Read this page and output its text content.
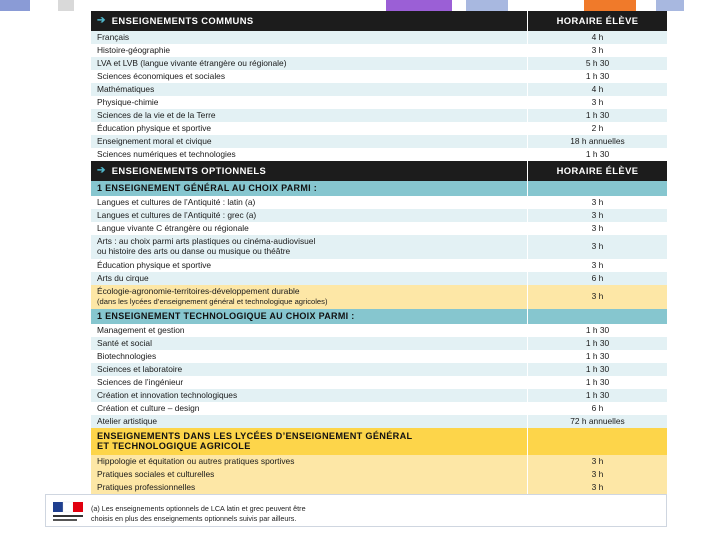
➔ ENSEIGNEMENTS COMMUNS	HORAIRE ÉLÈVE
Français	4 h
Histoire-géographie	3 h
LVA et LVB (langue vivante étrangère ou régionale)	5 h 30
Sciences économiques et sociales	1 h 30
Mathématiques	4 h
Physique-chimie	3 h
Sciences de la vie et de la Terre	1 h 30
Éducation physique et sportive	2 h
Enseignement moral et civique	18 h annuelles
Sciences numériques et technologies	1 h 30
➔ ENSEIGNEMENTS OPTIONNELS	HORAIRE ÉLÈVE
1 ENSEIGNEMENT GÉNÉRAL AU CHOIX PARMI :
Langues et cultures de l’Antiquité : latin (a)	3 h
Langues et cultures de l’Antiquité : grec (a)	3 h
Langue vivante C étrangère ou régionale	3 h
Arts : au choix parmi arts plastiques ou cinéma-audiovisuel
ou histoire des arts ou danse ou musique ou théâtre	3 h
Éducation physique et sportive	3 h
Arts du cirque	6 h
Écologie-agronomie-territoires-développement durable
(dans les lycées d’enseignement général et technologique agricoles)
3 h
1 ENSEIGNEMENT TECHNOLOGIQUE AU CHOIX PARMI :
Management et gestion	1 h 30
Santé et social	1 h 30
Biotechnologies	1 h 30
Sciences et laboratoire	1 h 30
Sciences de l’ingénieur	1 h 30
Création et innovation technologiques	1 h 30
Création et culture – design	6 h
Atelier artistique	72 h annuelles
ENSEIGNEMENTS DANS LES LYCÉES D’ENSEIGNEMENT GÉNÉRAL
ET TECHNOLOGIQUE AGRICOLE
Hippologie et équitation ou autres pratiques sportives	3 h
Pratiques sociales et culturelles	3 h
Pratiques professionnelles	3 h
(a) Les enseignements optionnels de LCA latin et grec peuvent être
choisis en plus des enseignements optionnels suivis par ailleurs.
